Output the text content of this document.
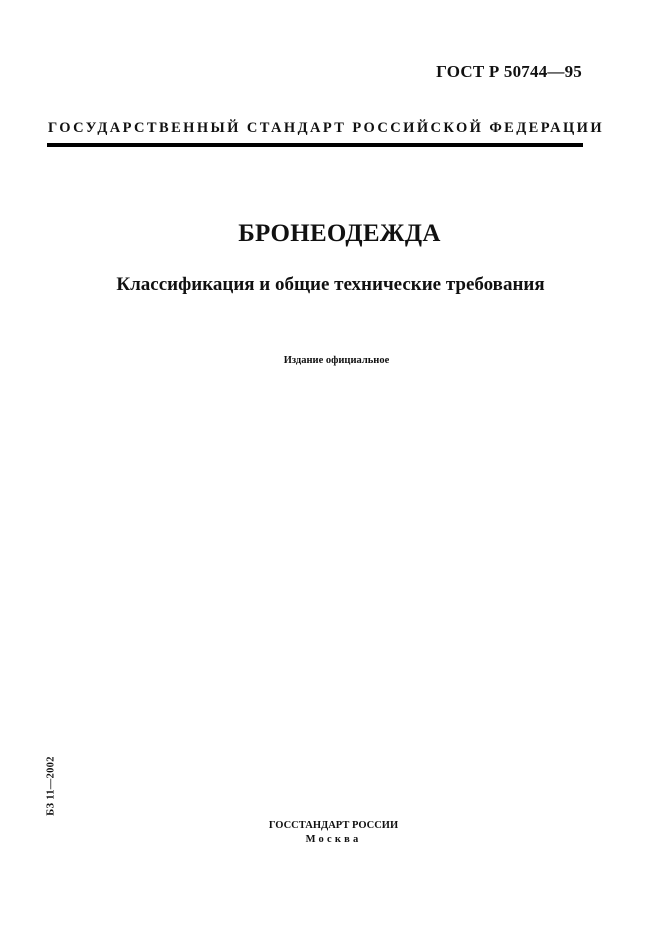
ГОСТ Р 50744—95
ГОСУДАРСТВЕННЫЙ СТАНДАРТ РОССИЙСКОЙ ФЕДЕРАЦИИ
БРОНЕОДЕЖДА
Классификация и общие технические требования
Издание официальное
БЗ 11—2002
ГОССТАНДАРТ РОССИИ
Москва
